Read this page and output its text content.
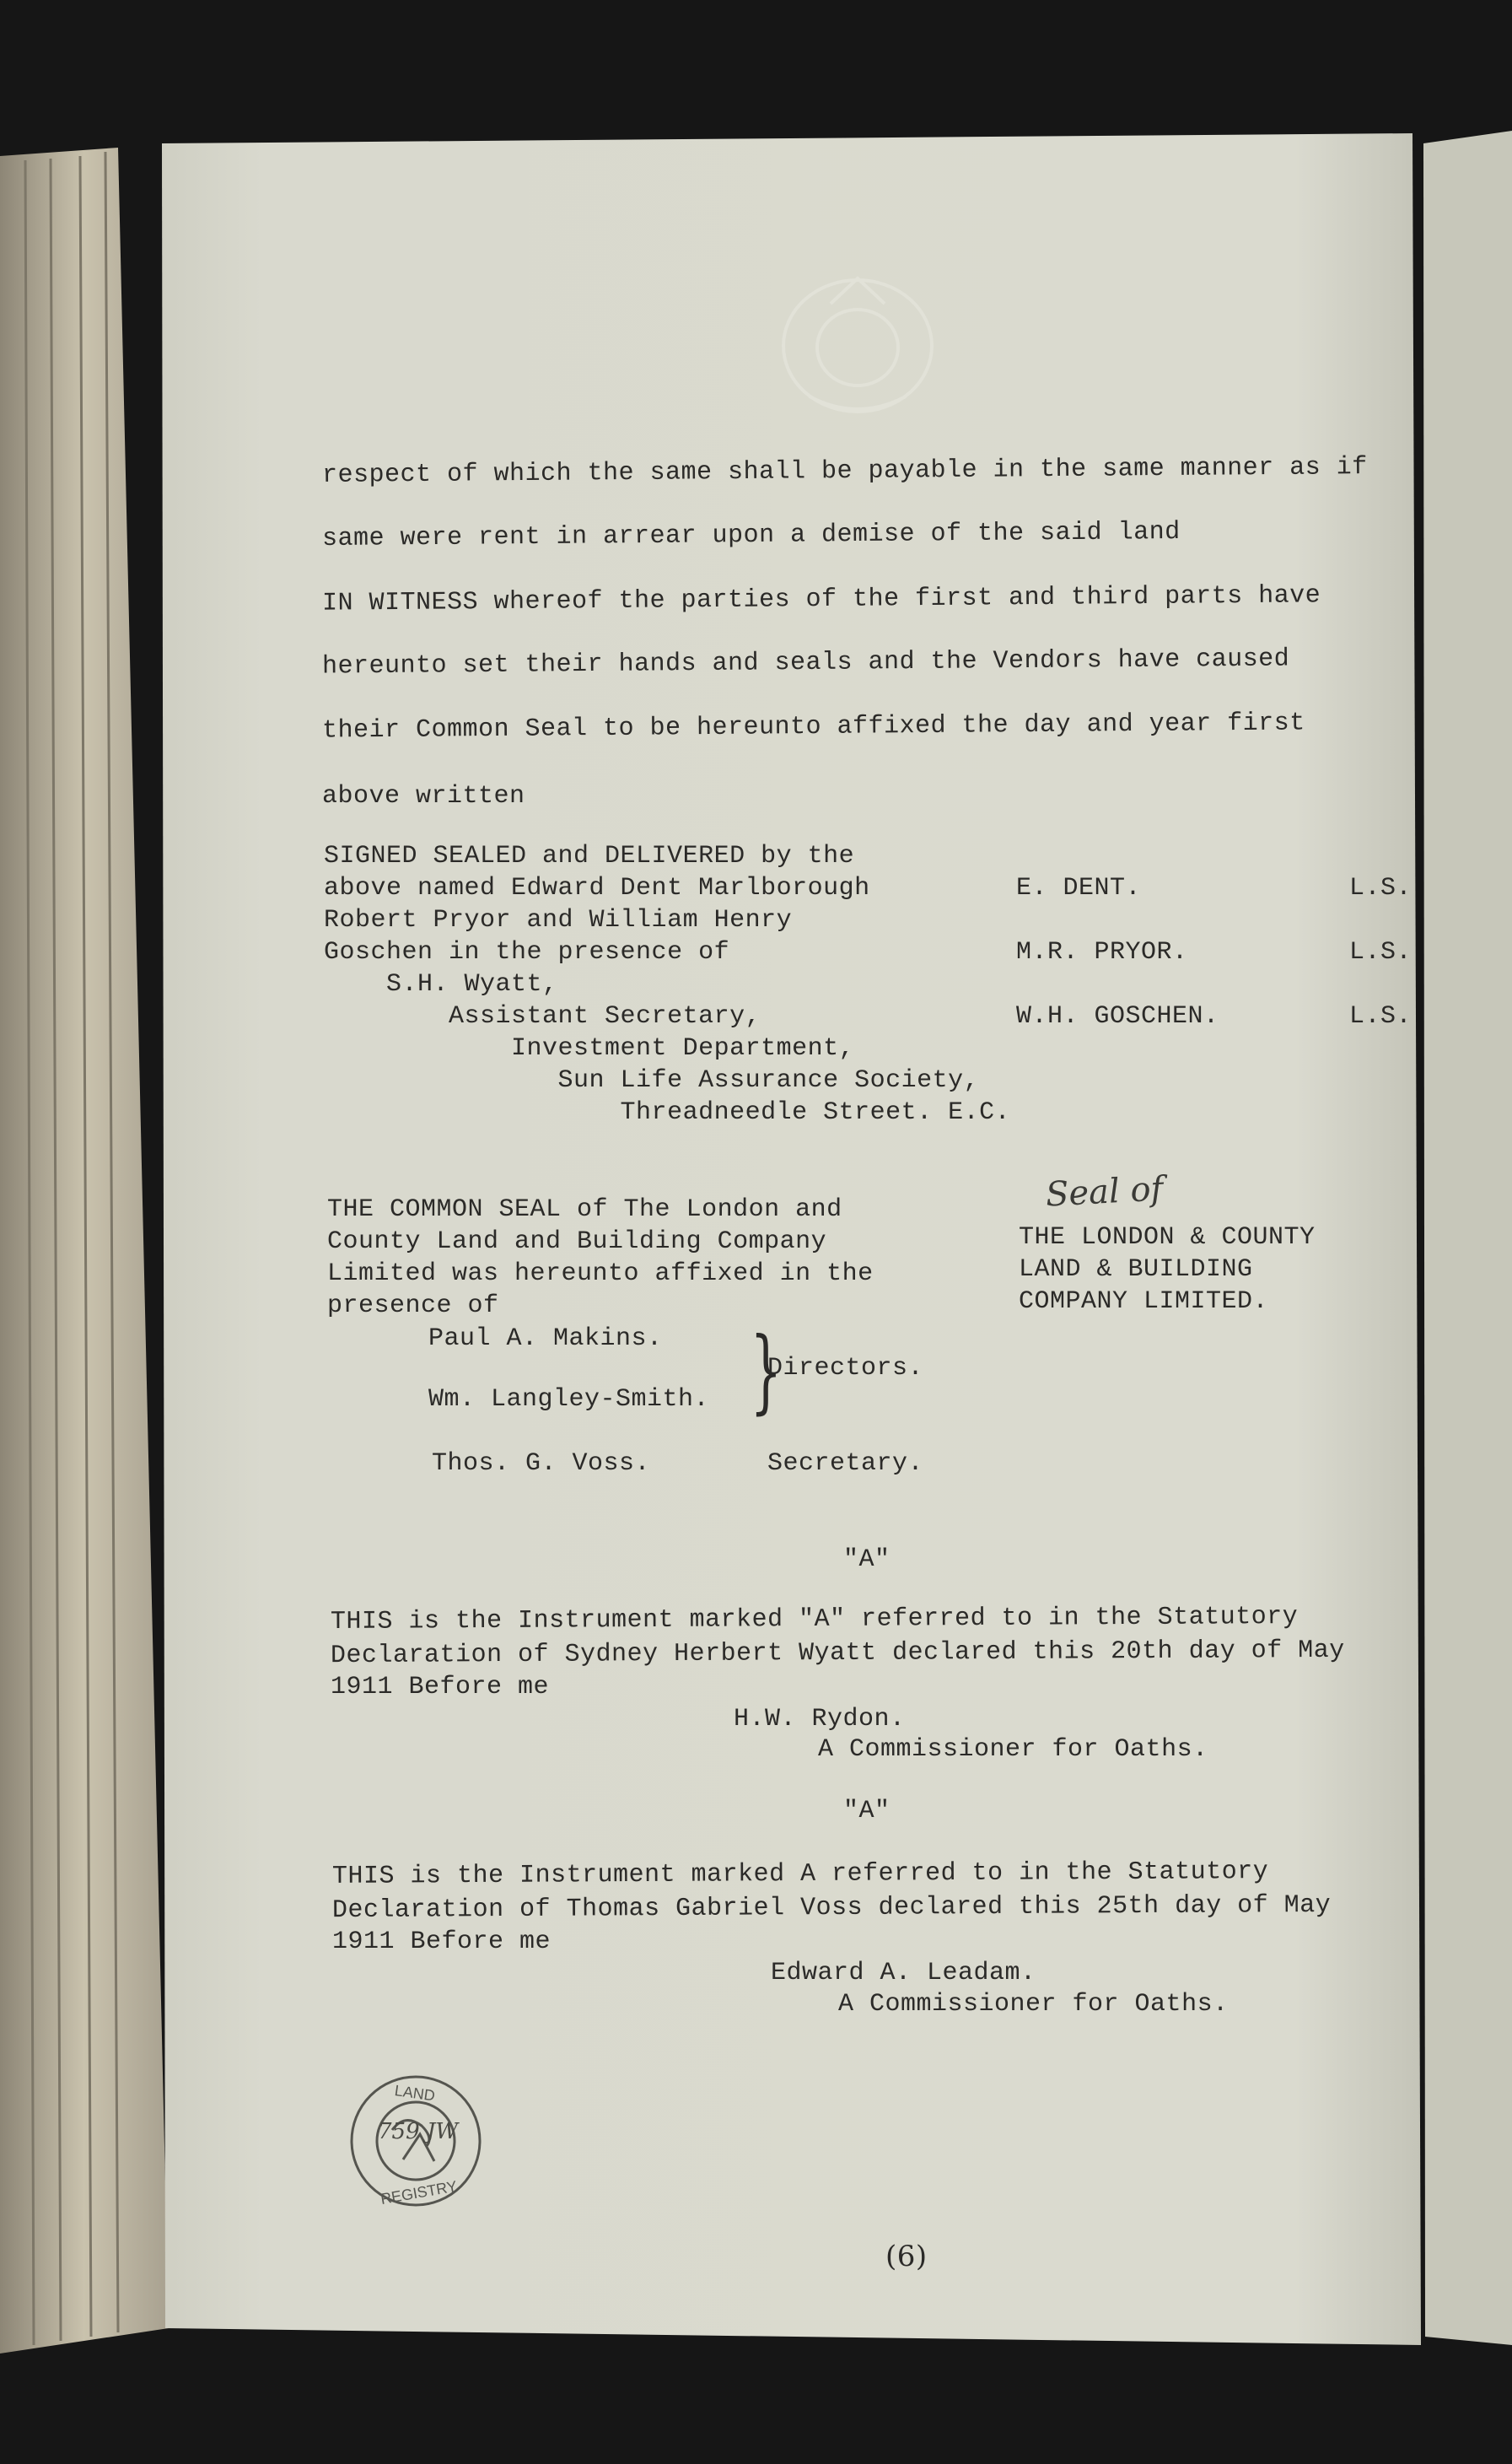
LAND
REGISTRY

respect of which the same shall be payable in the same manner as if

same were rent in arrear upon a demise of the said land

IN WITNESS whereof the parties of the first and third parts have

hereunto set their hands and seals and the Vendors have caused

their Common Seal to be hereunto affixed the day and year first

above written

SIGNED SEALED and DELIVERED by the

above named Edward Dent Marlborough

Robert Pryor and William Henry

Goschen in the presence of

S.H. Wyatt,

Assistant Secretary,

Investment Department,

Sun Life Assurance Society,

Threadneedle Street. E.C.

E. DENT.	L.S.

M.R. PRYOR.	L.S.

W.H. GOSCHEN.	L.S.

THE COMMON SEAL of The London and

County Land and Building Company

Limited was hereunto affixed in the

presence of

Paul A. Makins.

Wm. Langley-Smith. }

Directors.

Thos. G. Voss.	Secretary.

Seal of

THE LONDON & COUNTY

LAND & BUILDING

COMPANY LIMITED.

"A"

THIS is the Instrument marked "A" referred to in the Statutory

Declaration of Sydney Herbert Wyatt declared this 20th day of May

1911 Before me

H.W. Rydon.

A Commissioner for Oaths.

"A"

THIS is the Instrument marked A referred to in the Statutory

Declaration of Thomas Gabriel Voss declared this 25th day of May

1911 Before me

Edward A. Leadam.

A Commissioner for Oaths.

759 JW

(6)
